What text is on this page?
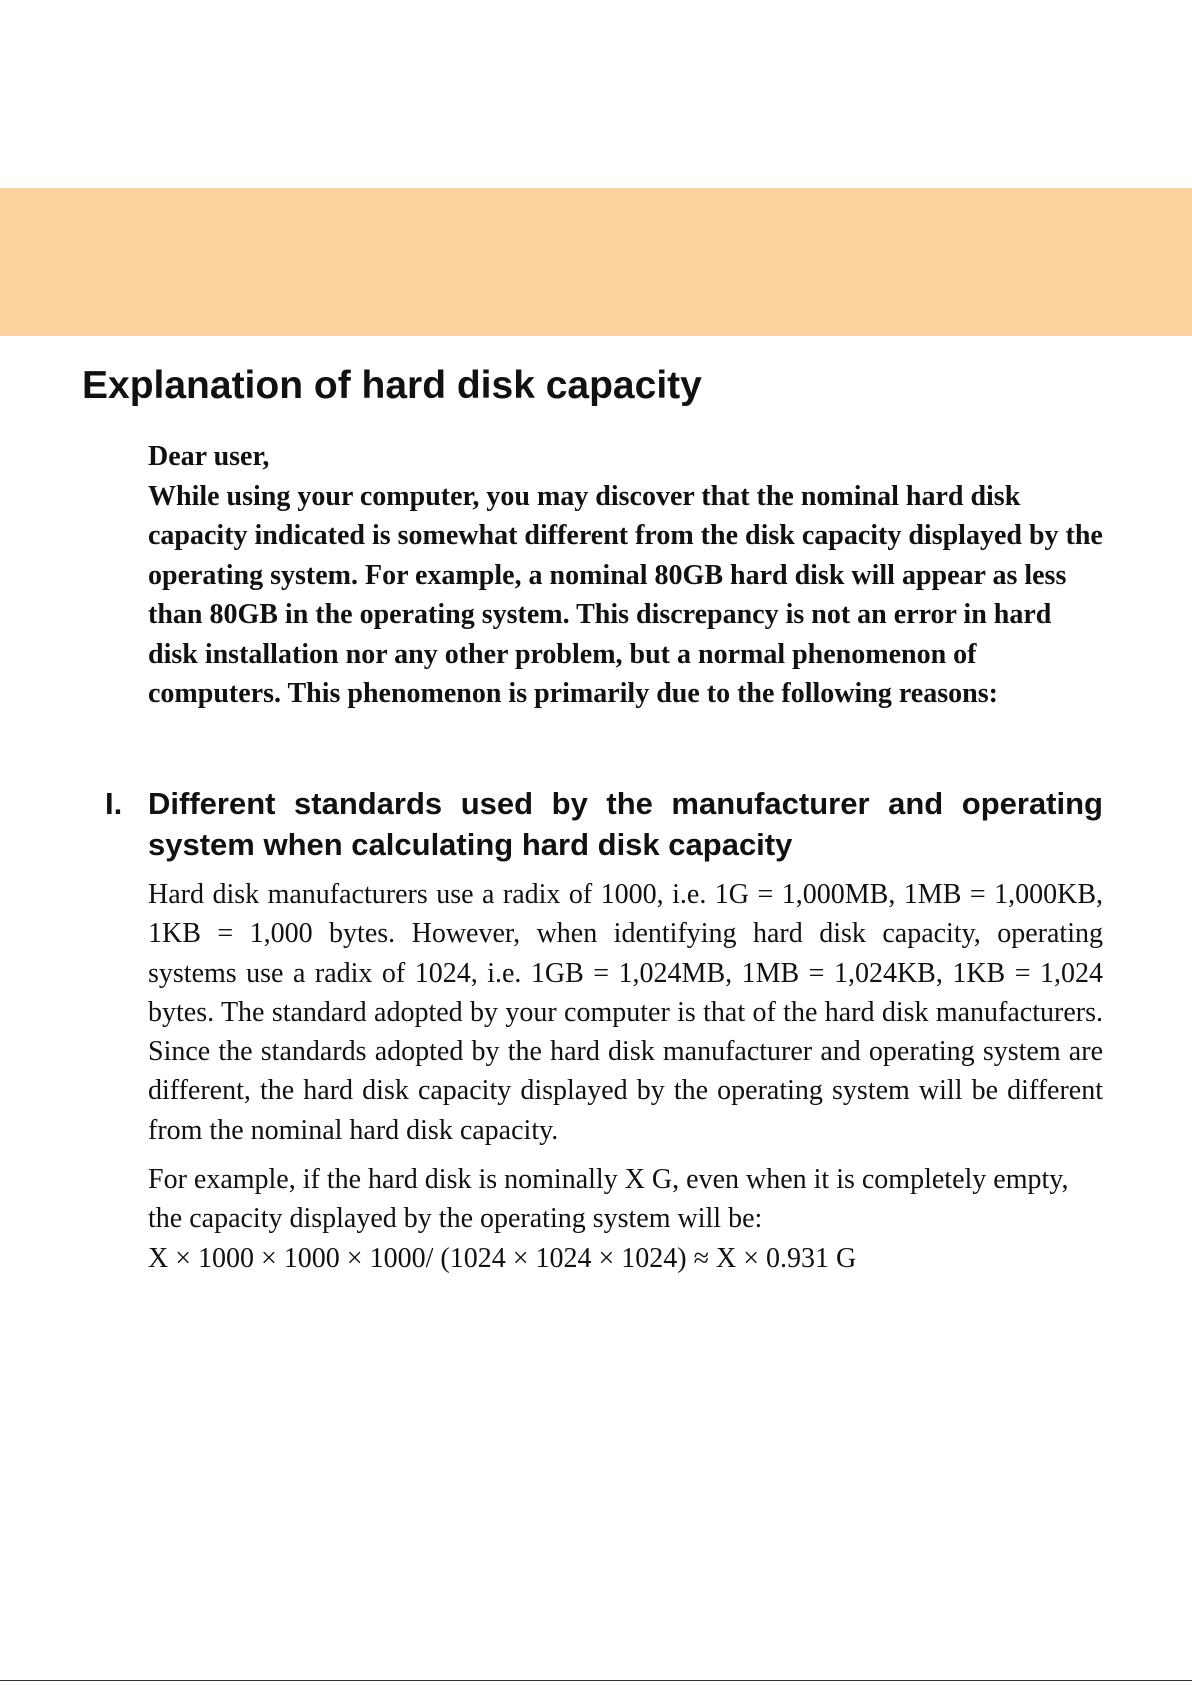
Explanation of hard disk capacity

Dear user,

While using your computer, you may discover that the nominal hard disk capacity indicated is somewhat different from the disk capacity displayed by the operating system. For example, a nominal 80GB hard disk will appear as less than 80GB in the operating system. This discrepancy is not an error in hard disk installation nor any other problem, but a normal phenomenon of computers. This phenomenon is primarily due to the following reasons:

I. Different standards used by the manufacturer and operating system when calculating hard disk capacity

Hard disk manufacturers use a radix of 1000, i.e. 1G = 1,000MB, 1MB = 1,000KB, 1KB = 1,000 bytes. However, when identifying hard disk capacity, operating systems use a radix of 1024, i.e. 1GB = 1,024MB, 1MB = 1,024KB, 1KB = 1,024 bytes. The standard adopted by your computer is that of the hard disk manufacturers. Since the standards adopted by the hard disk manufacturer and operating system are different, the hard disk capacity displayed by the operating system will be different from the nominal hard disk capacity.

For example, if the hard disk is nominally X G, even when it is completely empty, the capacity displayed by the operating system will be:

X × 1000 × 1000 × 1000/ (1024 × 1024 × 1024) ≈ X × 0.931 G
